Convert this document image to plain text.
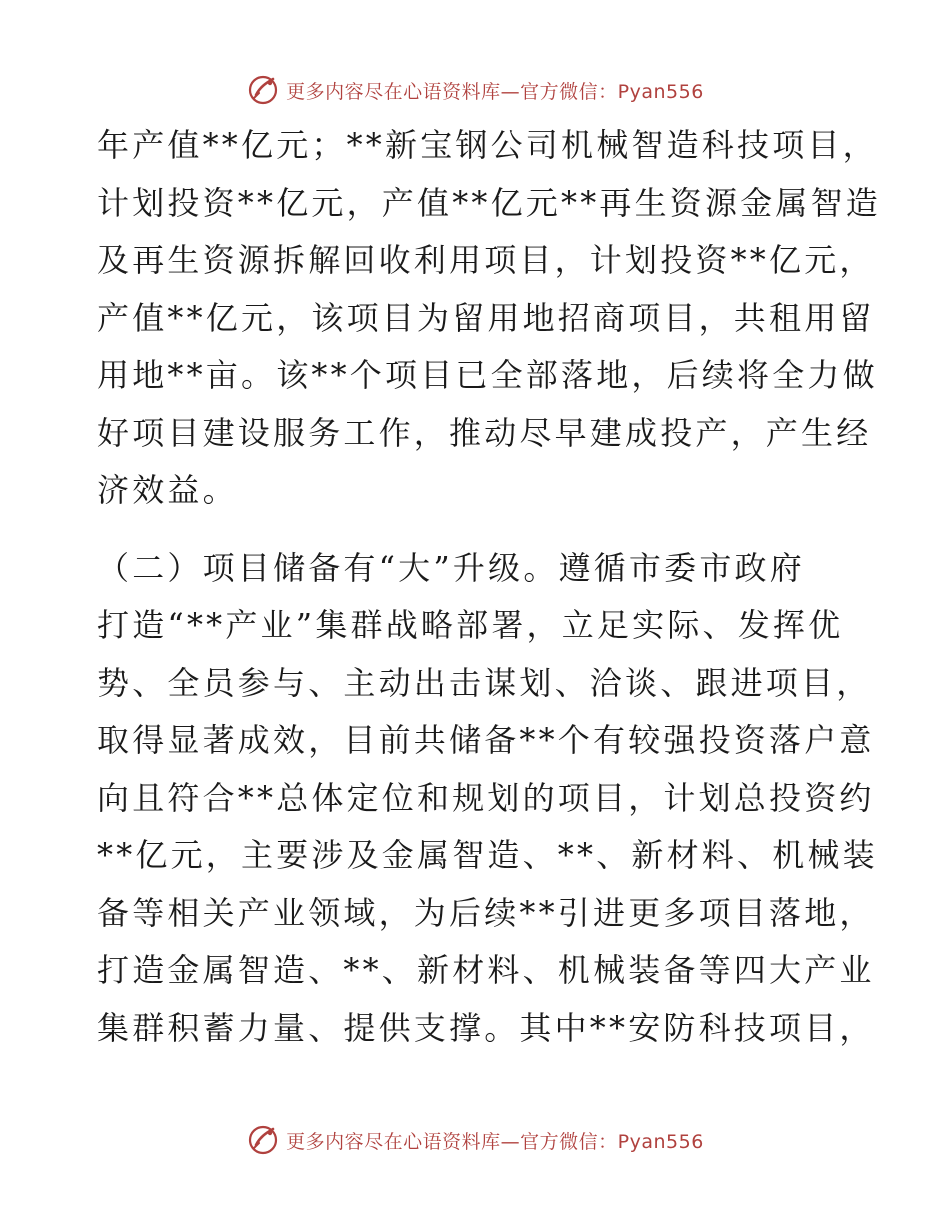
更多内容尽在心语资料库—官方微信：Pyan556

年产值**亿元；**新宝钢公司机械智造科技项目，
计划投资**亿元，产值**亿元**再生资源金属智造
及再生资源拆解回收利用项目，计划投资**亿元，
产值**亿元，该项目为留用地招商项目，共租用留
用地**亩。该**个项目已全部落地，后续将全力做
好项目建设服务工作，推动尽早建成投产，产生经
济效益。

（二）项目储备有“大”升级。遵循市委市政府
打造“**产业”集群战略部署，立足实际、发挥优
势、全员参与、主动出击谋划、洽谈、跟进项目，
取得显著成效，目前共储备**个有较强投资落户意
向且符合**总体定位和规划的项目，计划总投资约
**亿元，主要涉及金属智造、**、新材料、机械装
备等相关产业领域，为后续**引进更多项目落地，
打造金属智造、**、新材料、机械装备等四大产业
集群积蓄力量、提供支撑。其中**安防科技项目，

更多内容尽在心语资料库—官方微信：Pyan556
